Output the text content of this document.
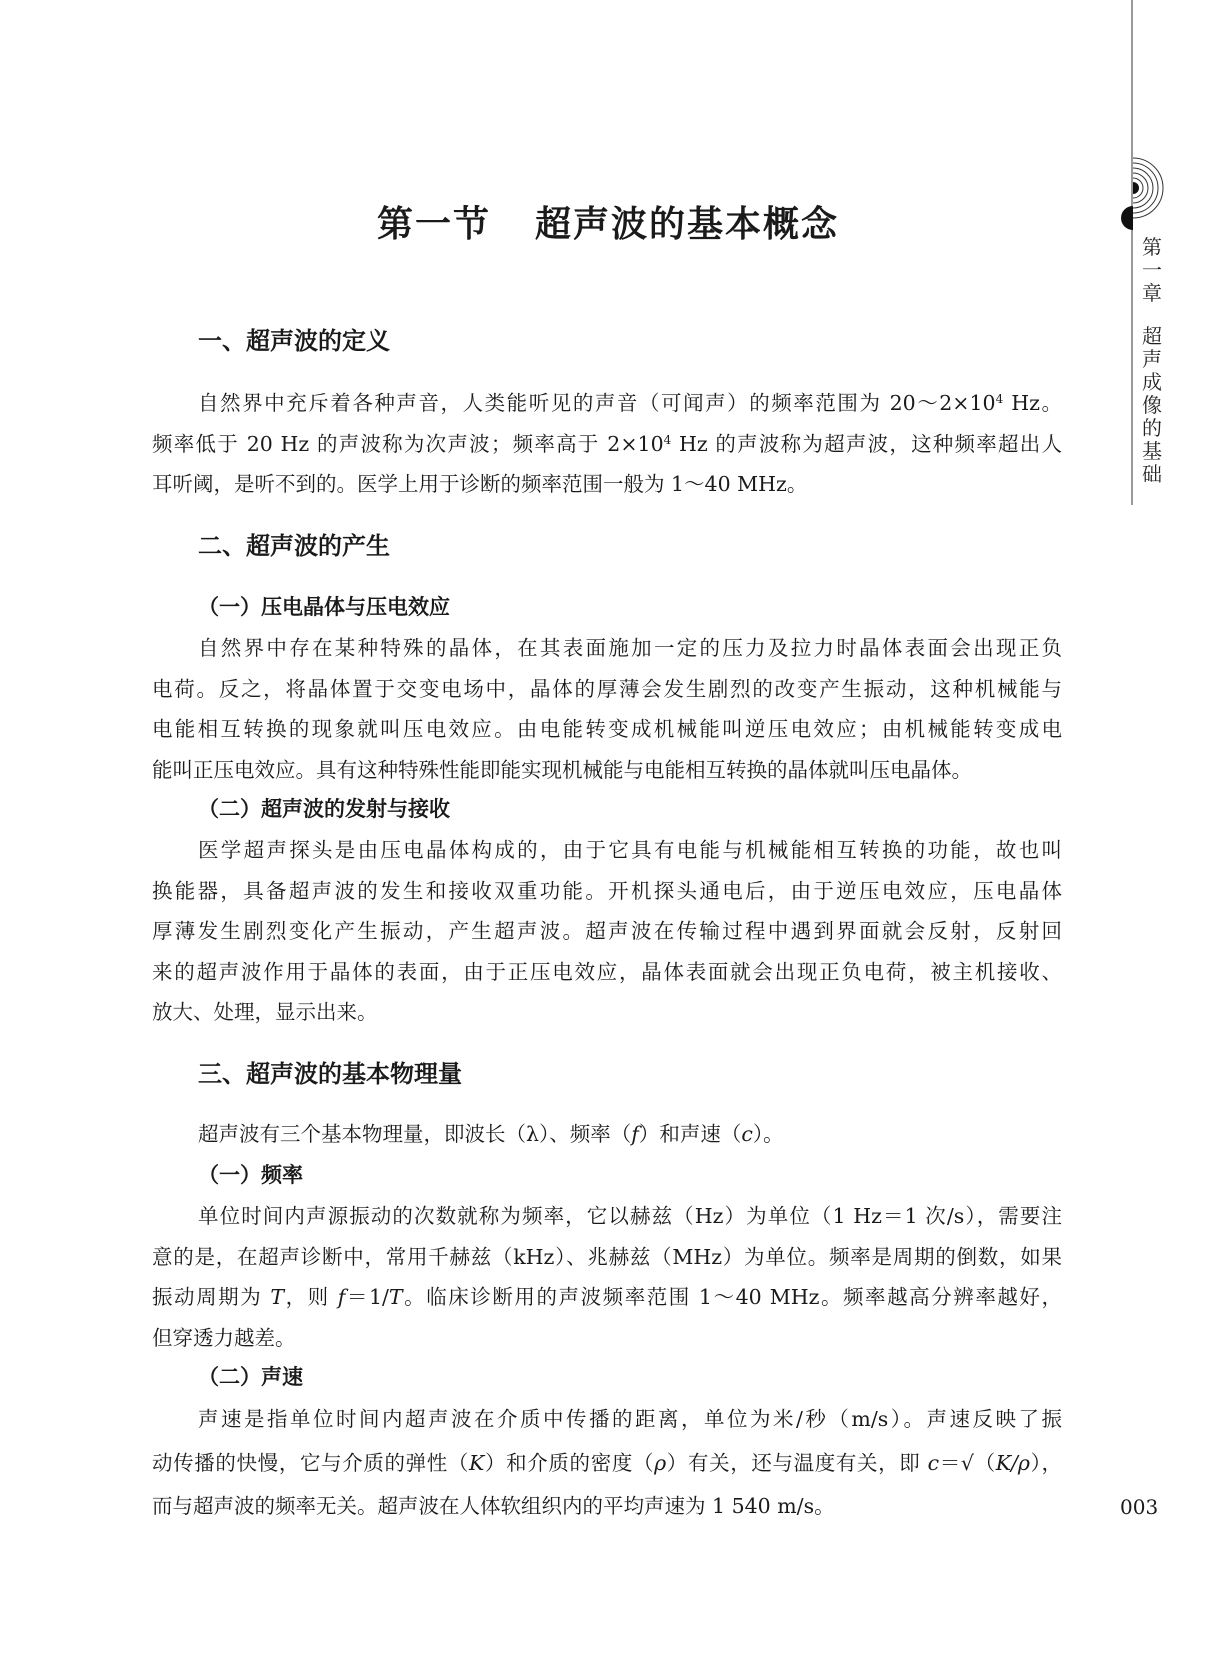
第一节 超声波的基本概念
第一章
超声成像的基础
一、超声波的定义
自然界中充斥着各种声音，人类能听见的声音（可闻声）的频率范围为 $20\sim 2\times 10^4$ Hz。
频率低于 20 Hz 的声波称为次声波；频率高于 $2\times 10^4$ Hz 的声波称为超声波，这种频率超出人
耳听阈，是听不到的。医学上用于诊断的频率范围一般为 1～40 MHz。
二、超声波的产生
（一）压电晶体与压电效应
自然界中存在某种特殊的晶体，在其表面施加一定的压力及拉力时晶体表面会出现正负
电荷。反之，将晶体置于交变电场中，晶体的厚薄会发生剧烈的改变产生振动，这种机械能与
电能相互转换的现象就叫压电效应。由电能转变成机械能叫逆压电效应；由机械能转变成电
能叫正压电效应。具有这种特殊性能即能实现机械能与电能相互转换的晶体就叫压电晶体。
（二）超声波的发射与接收
医学超声探头是由压电晶体构成的，由于它具有电能与机械能相互转换的功能，故也叫
换能器，具备超声波的发生和接收双重功能。开机探头通电后，由于逆压电效应，压电晶体
厚薄发生剧烈变化产生振动，产生超声波。超声波在传输过程中遇到界面就会反射，反射回
来的超声波作用于晶体的表面，由于正压电效应，晶体表面就会出现正负电荷，被主机接收、
放大、处理，显示出来。
三、超声波的基本物理量
超声波有三个基本物理量，即波长（λ）、频率（f）和声速（c）。
（一）频率
单位时间内声源振动的次数就称为频率，它以赫兹（Hz）为单位（1 Hz＝1 次/s），需要注
意的是，在超声诊断中，常用千赫兹（kHz）、兆赫兹（MHz）为单位。频率是周期的倒数，如果
振动周期为 T，则 f＝1/T。临床诊断用的声波频率范围 1～40 MHz。频率越高分辨率越好，
但穿透力越差。
（二）声速
声速是指单位时间内超声波在介质中传播的距离，单位为米/秒（m/s）。声速反映了振
动传播的快慢，它与介质的弹性（K）和介质的密度（ρ）有关，还与温度有关，即 c＝√（K/ρ），
而与超声波的频率无关。超声波在人体软组织内的平均声速为 1 540 m/s。	003
